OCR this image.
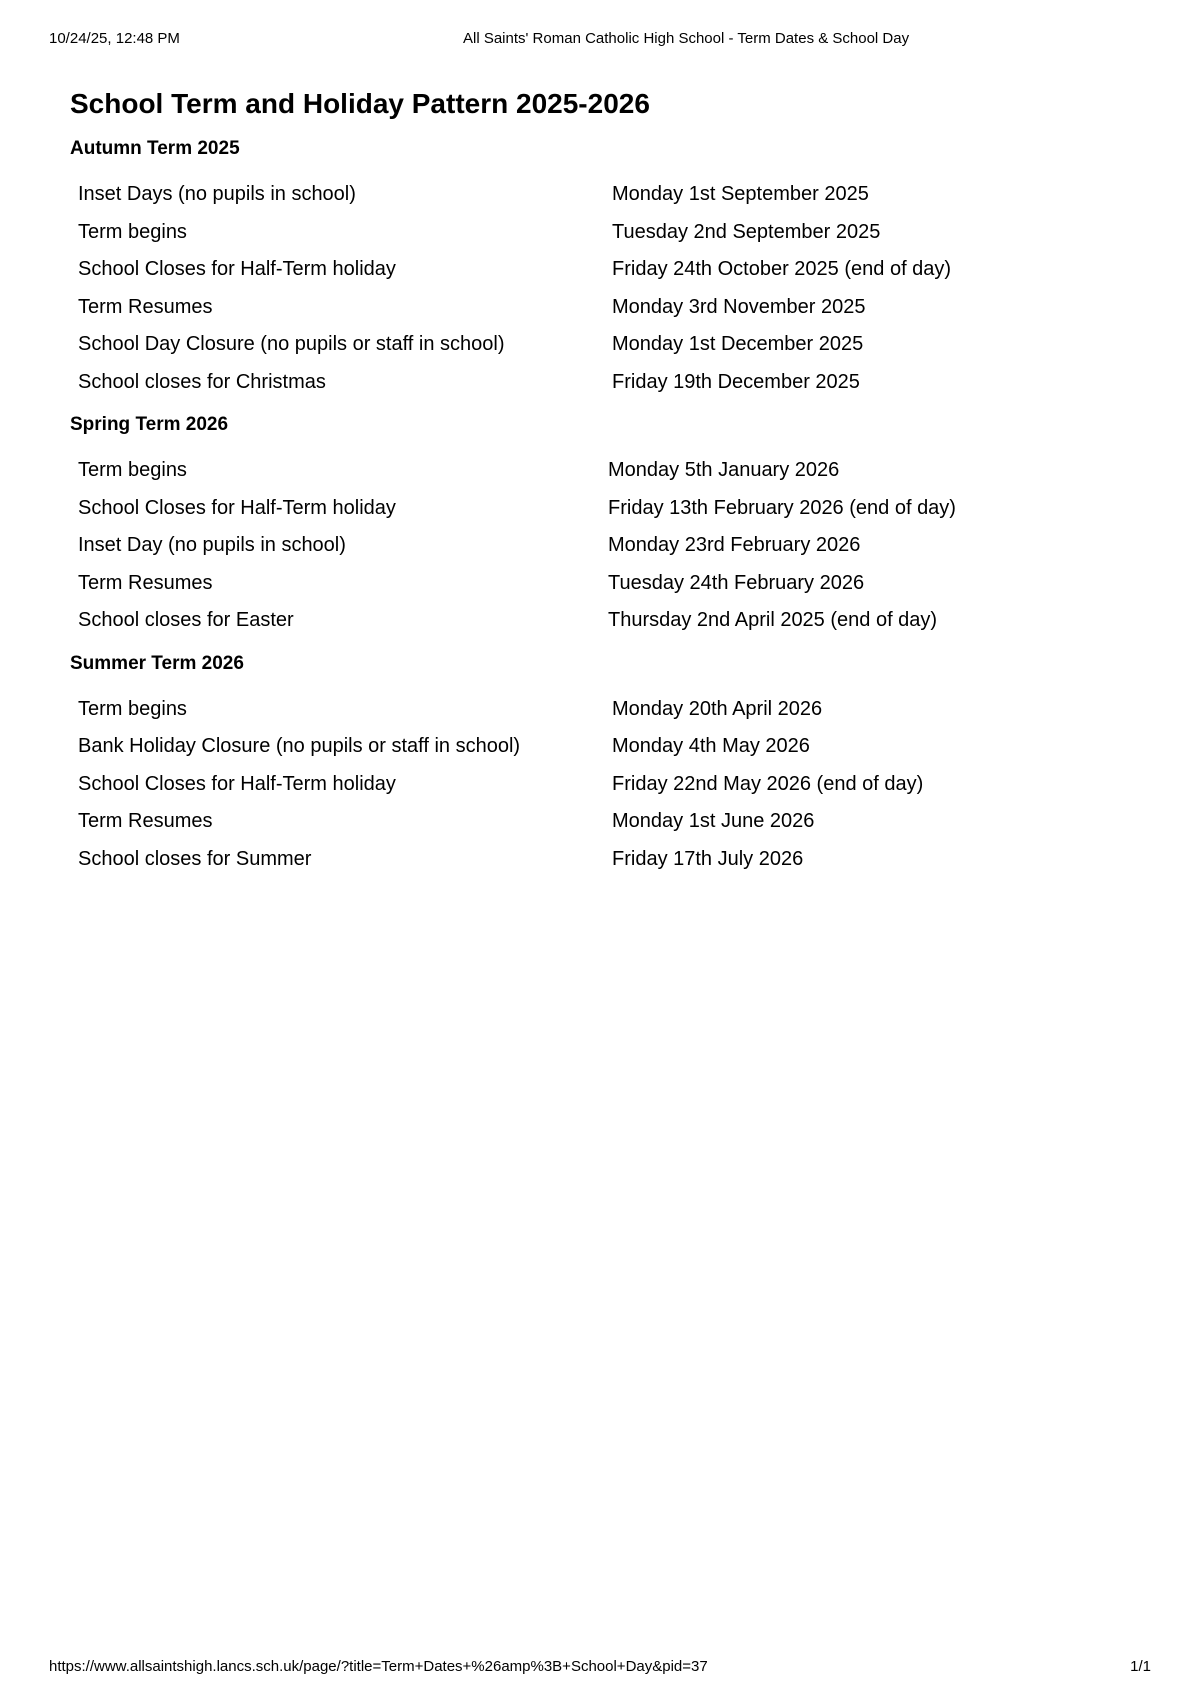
10/24/25, 12:48 PM	All Saints' Roman Catholic High School - Term Dates & School Day
School Term and Holiday Pattern 2025-2026
Autumn Term 2025
Inset Days (no pupils in school)	Monday 1st September 2025
Term begins	Tuesday 2nd September 2025
School Closes for Half-Term holiday	Friday 24th October 2025 (end of day)
Term Resumes	Monday 3rd November 2025
School Day Closure (no pupils or staff in school)	Monday 1st December 2025
School closes for Christmas	Friday 19th December 2025
Spring Term 2026
Term begins	Monday 5th January 2026
School Closes for Half-Term holiday	Friday 13th February 2026 (end of day)
Inset Day (no pupils in school)	Monday 23rd February 2026
Term Resumes	Tuesday 24th February 2026
School closes for Easter	Thursday 2nd April 2025 (end of day)
Summer Term 2026
Term begins	Monday 20th April 2026
Bank Holiday Closure (no pupils or staff in school)	Monday 4th May 2026
School Closes for Half-Term holiday	Friday 22nd May 2026 (end of day)
Term Resumes	Monday 1st June 2026
School closes for Summer	Friday 17th July 2026
https://www.allsaintshigh.lancs.sch.uk/page/?title=Term+Dates+%26amp%3B+School+Day&pid=37	1/1
